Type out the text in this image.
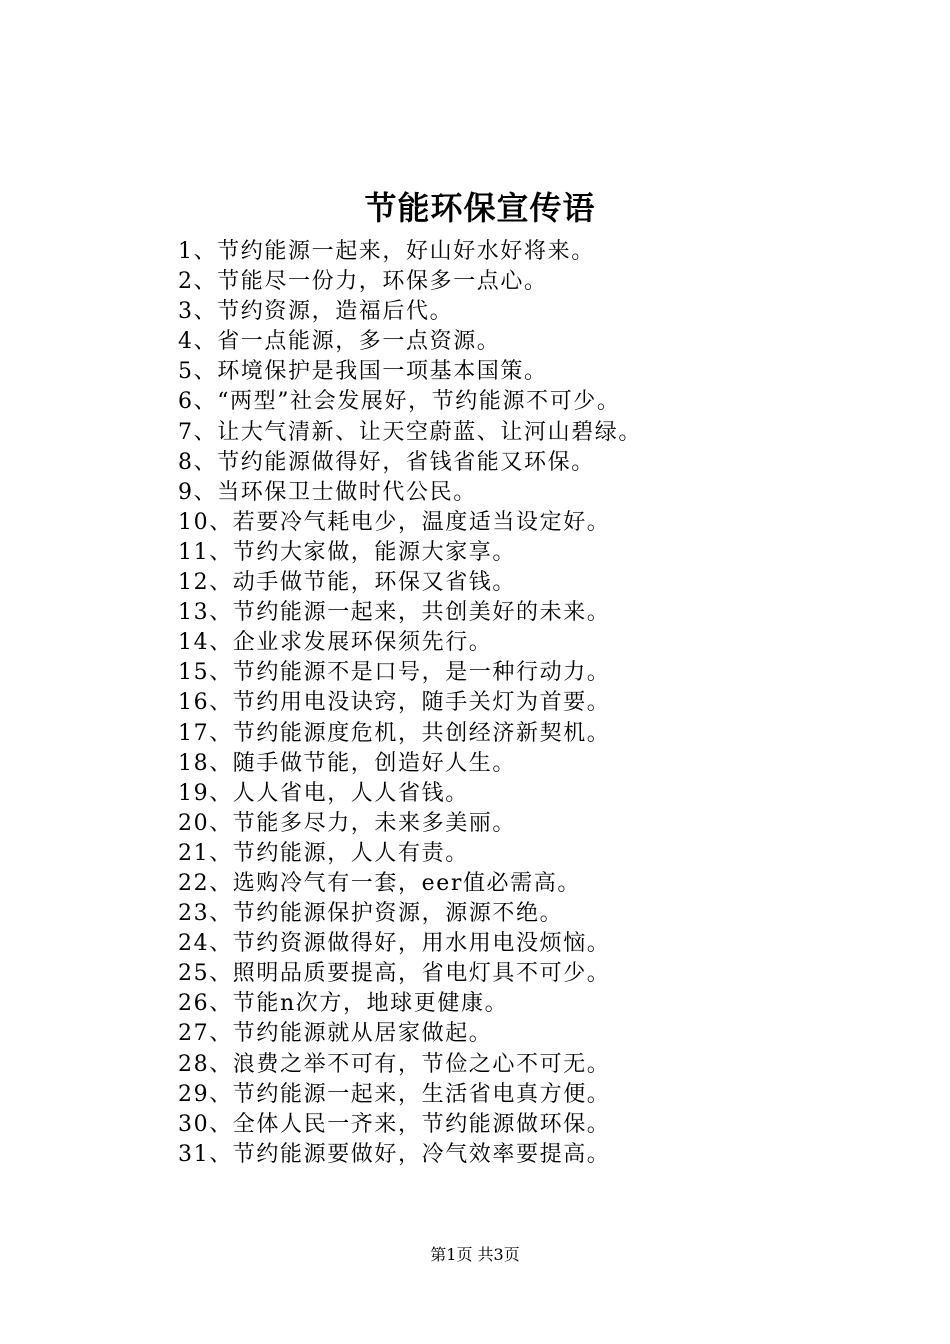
节能环保宣传语
1、节约能源一起来，好山好水好将来。
2、节能尽一份力，环保多一点心。
3、节约资源，造福后代。
4、省一点能源，多一点资源。
5、环境保护是我国一项基本国策。
6、“两型”社会发展好，节约能源不可少。
7、让大气清新、让天空蔚蓝、让河山碧绿。
8、节约能源做得好，省钱省能又环保。
9、当环保卫士做时代公民。
10、若要冷气耗电少，温度适当设定好。
11、节约大家做，能源大家享。
12、动手做节能，环保又省钱。
13、节约能源一起来，共创美好的未来。
14、企业求发展环保须先行。
15、节约能源不是口号，是一种行动力。
16、节约用电没诀窍，随手关灯为首要。
17、节约能源度危机，共创经济新契机。
18、随手做节能，创造好人生。
19、人人省电，人人省钱。
20、节能多尽力，未来多美丽。
21、节约能源，人人有责。
22、选购冷气有一套，eer值必需高。
23、节约能源保护资源，源源不绝。
24、节约资源做得好，用水用电没烦恼。
25、照明品质要提高，省电灯具不可少。
26、节能n次方，地球更健康。
27、节约能源就从居家做起。
28、浪费之举不可有，节俭之心不可无。
29、节约能源一起来，生活省电真方便。
30、全体人民一齐来，节约能源做环保。
31、节约能源要做好，冷气效率要提高。
第1页 共3页
